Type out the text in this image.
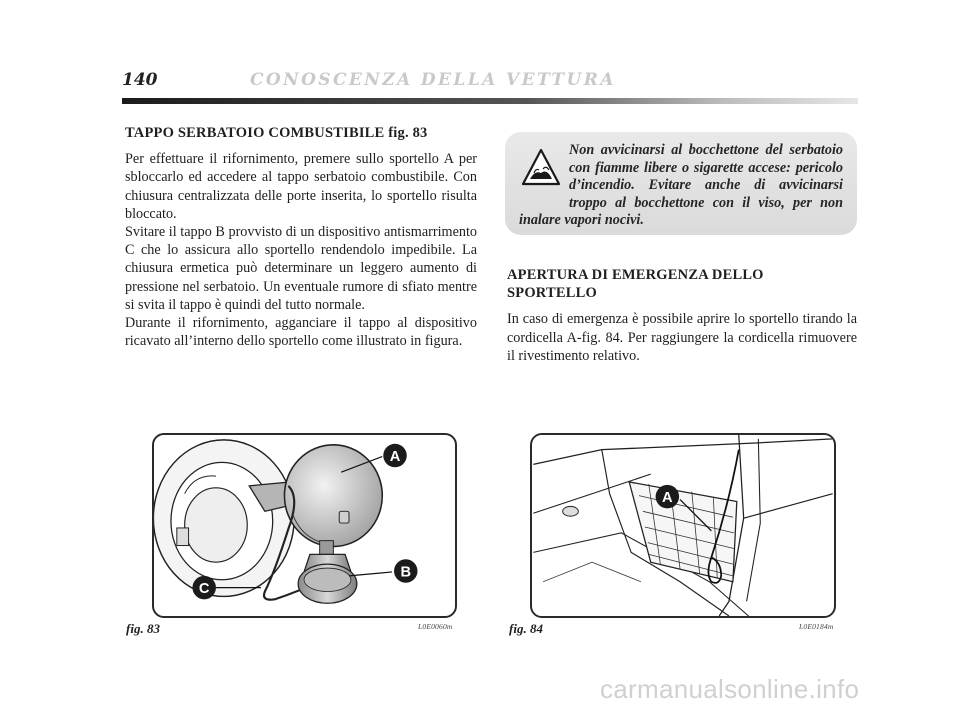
140	CONOSCENZA DELLA VETTURA
TAPPO SERBATOIO COMBUSTIBILE fig. 83

Per effettuare il rifornimento, premere sullo sportello A per sbloccarlo ed accedere al tappo serbatoio combustibile. Con chiusura centralizzata delle porte inserita, lo sportello risulta bloccato.

Svitare il tappo B provvisto di un dispositivo antismarrimento C che lo assicura allo sportello rendendolo impedibile. La chiusura ermetica può determinare un leggero aumento di pressione nel serbatoio. Un eventuale rumore di sfiato mentre si svita il tappo è quindi del tutto normale.

Durante il rifornimento, agganciare il tappo al dispositivo ricavato all’interno dello sportello come illustrato in figura.

Non avvicinarsi al bocchettone del serbatoio con fiamme libere o sigarette accese: pericolo d’incendio. Evitare anche di avvicinarsi troppo al bocchettone con il viso, per non inalare vapori nocivi.
APERTURA DI EMERGENZA DELLO SPORTELLO

In caso di emergenza è possibile aprire lo sportello tirando la cordicella A-fig. 84. Per raggiungere la cordicella rimuovere il rivestimento relativo.

A
B
C
A
fig. 83	L0E0060m	fig. 84	L0E0184m
carmanualsonline.info
